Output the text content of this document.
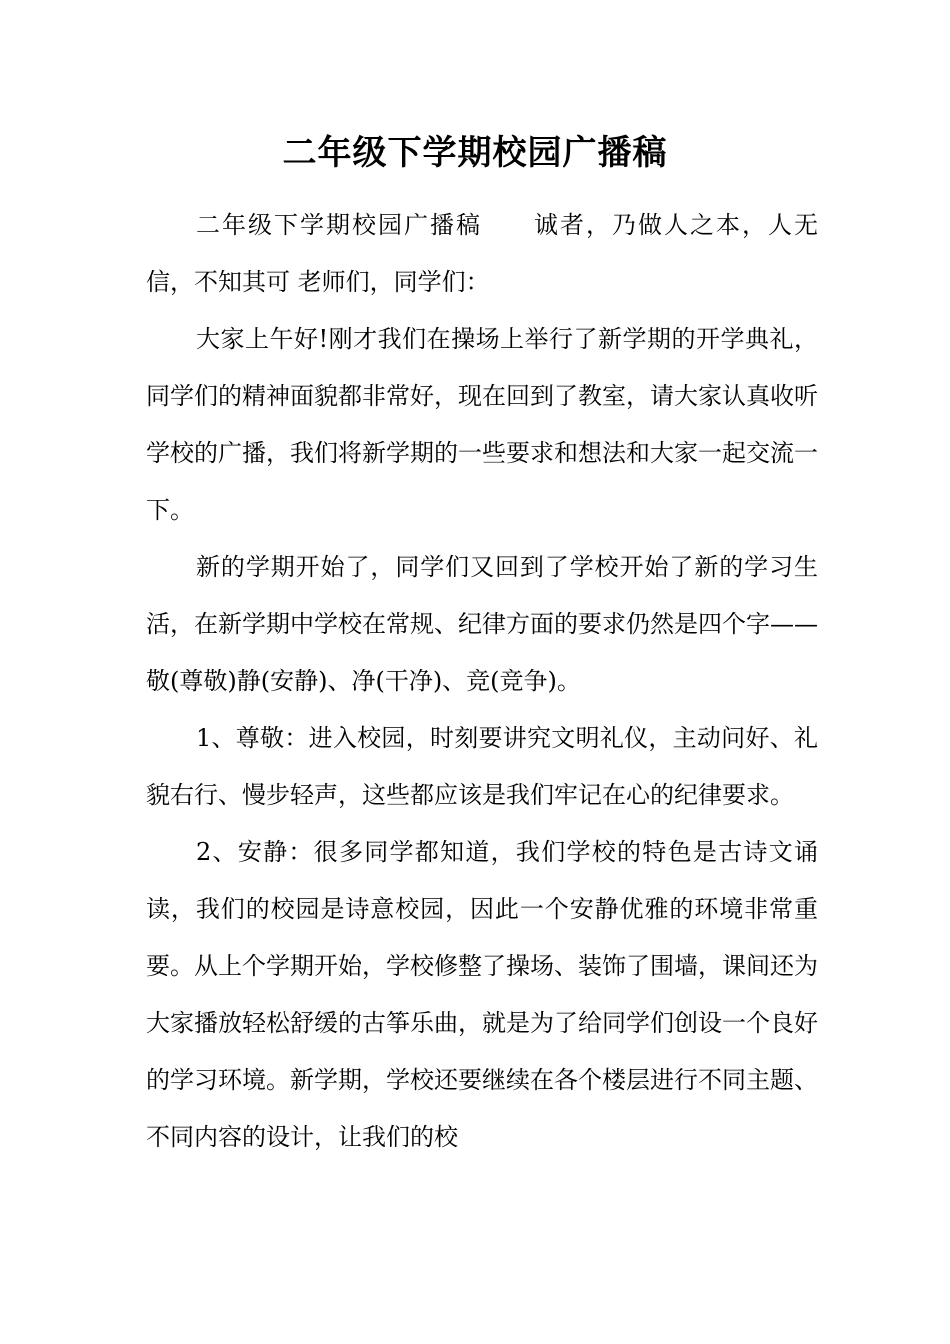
二年级下学期校园广播稿

二年级下学期校园广播稿　　诚者，乃做人之本，人无信，不知其可 老师们，同学们：

大家上午好!刚才我们在操场上举行了新学期的开学典礼，同学们的精神面貌都非常好，现在回到了教室，请大家认真收听学校的广播，我们将新学期的一些要求和想法和大家一起交流一下。

新的学期开始了，同学们又回到了学校开始了新的学习生活，在新学期中学校在常规、纪律方面的要求仍然是四个字——敬(尊敬)静(安静)、净(干净)、竞(竞争)。

1、尊敬：进入校园，时刻要讲究文明礼仪，主动问好、礼貌右行、慢步轻声，这些都应该是我们牢记在心的纪律要求。

2、安静：很多同学都知道，我们学校的特色是古诗文诵读，我们的校园是诗意校园，因此一个安静优雅的环境非常重要。从上个学期开始，学校修整了操场、装饰了围墙，课间还为大家播放轻松舒缓的古筝乐曲，就是为了给同学们创设一个良好的学习环境。新学期，学校还要继续在各个楼层进行不同主题、不同内容的设计，让我们的校
